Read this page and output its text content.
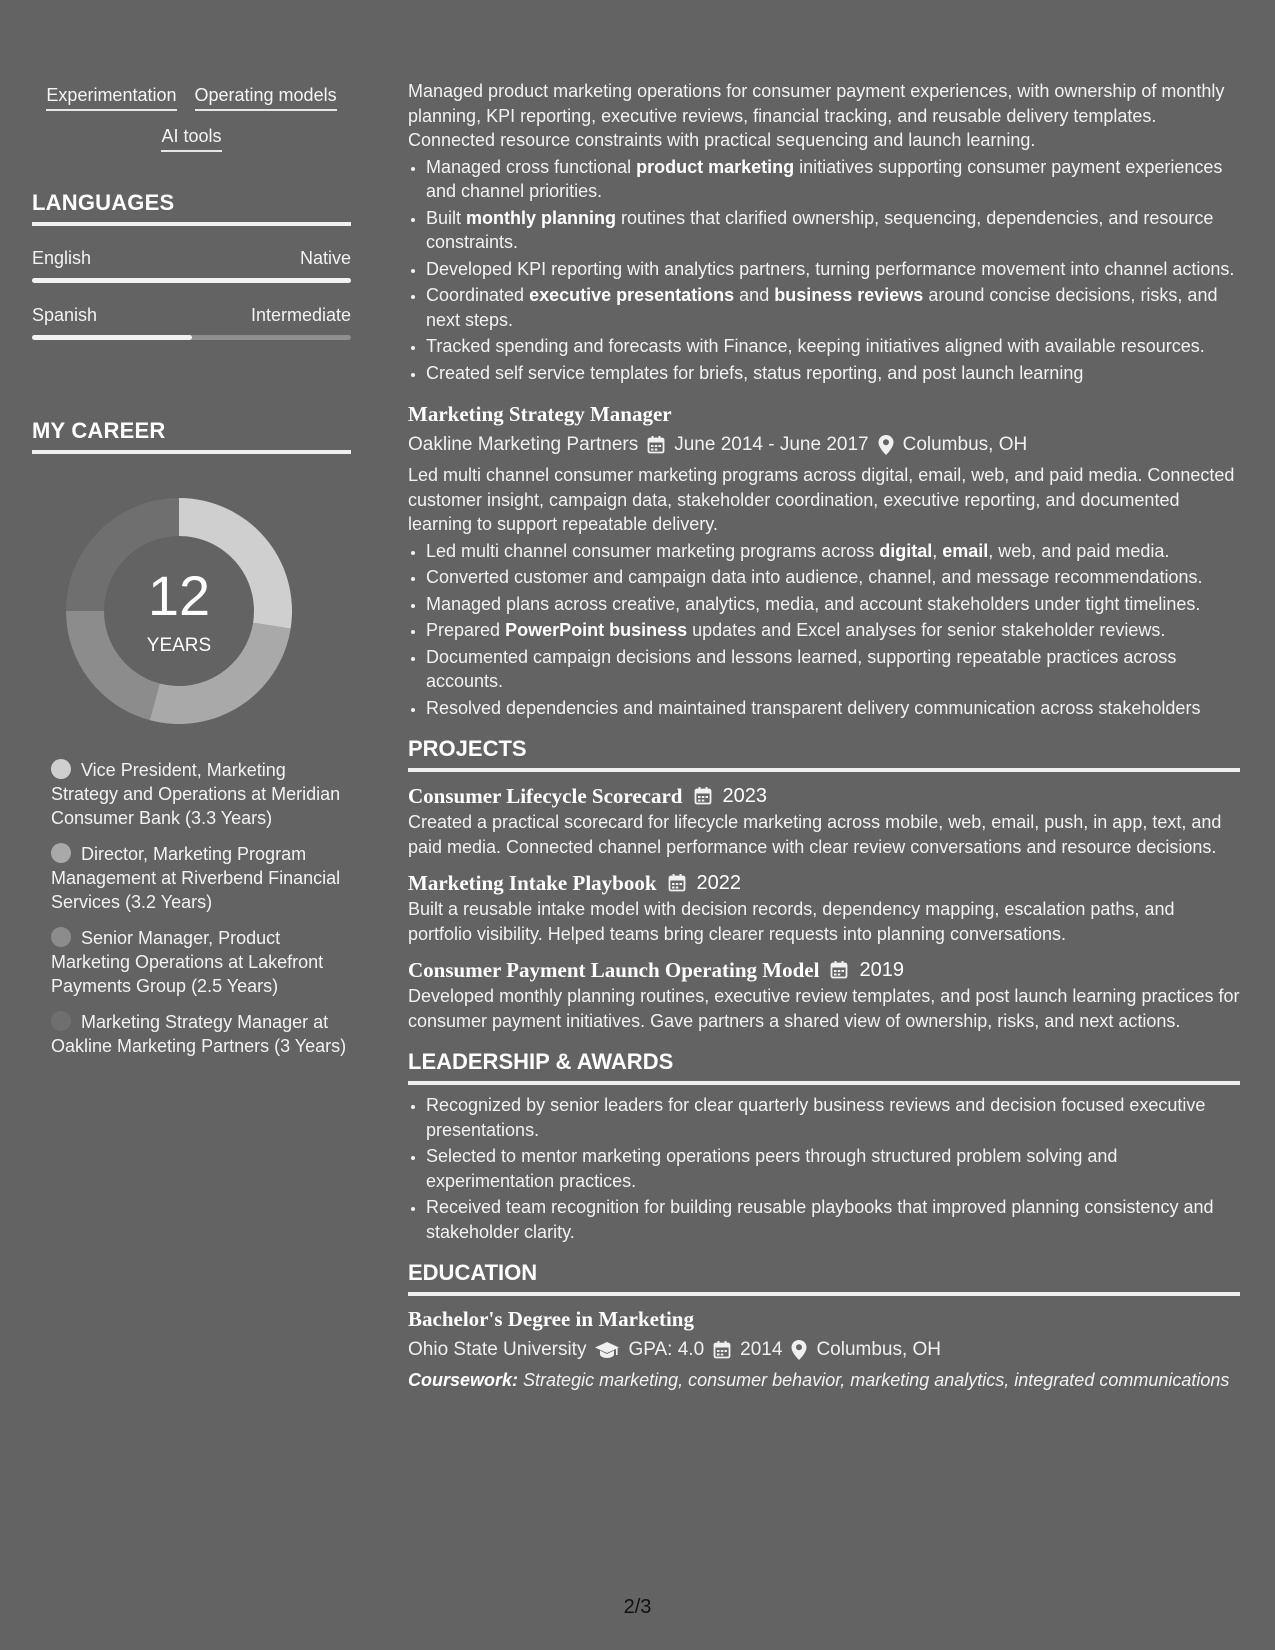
Experimentation Operating models
AI tools
LANGUAGES
English	Native
Spanish	Intermediate
MY CAREER
12
YEARS
Vice President, Marketing Strategy and Operations at Meridian Consumer Bank (3.3 Years)
Director, Marketing Program Management at Riverbend Financial Services (3.2 Years)
Senior Manager, Product Marketing Operations at Lakefront Payments Group (2.5 Years)
Marketing Strategy Manager at Oakline Marketing Partners (3 Years)

Managed product marketing operations for consumer payment experiences, with ownership of monthly planning, KPI reporting, executive reviews, financial tracking, and reusable delivery templates. Connected resource constraints with practical sequencing and launch learning.

• Managed cross functional product marketing initiatives supporting consumer payment experiences and channel priorities.
• Built monthly planning routines that clarified ownership, sequencing, dependencies, and resource constraints.
• Developed KPI reporting with analytics partners, turning performance movement into channel actions.
• Coordinated executive presentations and business reviews around concise decisions, risks, and next steps.
• Tracked spending and forecasts with Finance, keeping initiatives aligned with available resources.
• Created self service templates for briefs, status reporting, and post launch learning
Marketing Strategy Manager
Oakline Marketing Partners June 2014 - June 2017 Columbus, OH

Led multi channel consumer marketing programs across digital, email, web, and paid media. Connected customer insight, campaign data, stakeholder coordination, executive reporting, and documented learning to support repeatable delivery.

• Led multi channel consumer marketing programs across digital, email, web, and paid media.
• Converted customer and campaign data into audience, channel, and message recommendations.
• Managed plans across creative, analytics, media, and account stakeholders under tight timelines.
• Prepared PowerPoint business updates and Excel analyses for senior stakeholder reviews.
• Documented campaign decisions and lessons learned, supporting repeatable practices across accounts.
• Resolved dependencies and maintained transparent delivery communication across stakeholders
PROJECTS
Consumer Lifecycle Scorecard 2023

Created a practical scorecard for lifecycle marketing across mobile, web, email, push, in app, text, and paid media. Connected channel performance with clear review conversations and resource decisions.

Marketing Intake Playbook 2022

Built a reusable intake model with decision records, dependency mapping, escalation paths, and portfolio visibility. Helped teams bring clearer requests into planning conversations.

Consumer Payment Launch Operating Model 2019

Developed monthly planning routines, executive review templates, and post launch learning practices for consumer payment initiatives. Gave partners a shared view of ownership, risks, and next actions.

LEADERSHIP & AWARDS
• Recognized by senior leaders for clear quarterly business reviews and decision focused executive presentations.
• Selected to mentor marketing operations peers through structured problem solving and experimentation practices.
• Received team recognition for building reusable playbooks that improved planning consistency and stakeholder clarity.
EDUCATION
Bachelor's Degree in Marketing
Ohio State University GPA: 4.0 2014 Columbus, OH

Coursework: Strategic marketing, consumer behavior, marketing analytics, integrated communications

2/3
